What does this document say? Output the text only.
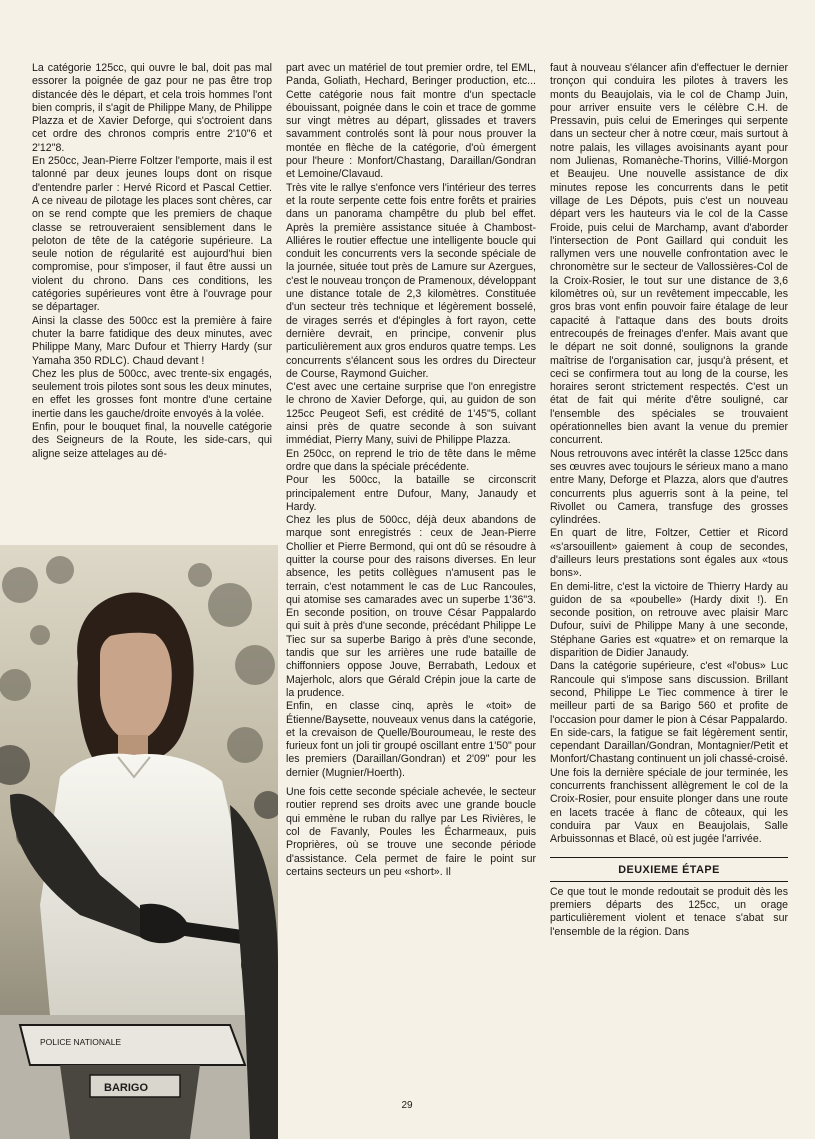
La catégorie 125cc, qui ouvre le bal, doit pas mal essorer la poignée de gaz pour ne pas être trop distancée dès le départ, et cela trois hommes l'ont bien compris, il s'agit de Philippe Many, de Philippe Plazza et de Xavier Deforge, qui s'octroient dans cet ordre des chronos compris entre 2'10"6 et 2'12"8.

En 250cc, Jean-Pierre Foltzer l'emporte, mais il est talonné par deux jeunes loups dont on risque d'entendre parler : Hervé Ricord et Pascal Cettier. A ce niveau de pilotage les places sont chères, car on se rend compte que les premiers de chaque classe se retrouveraient sensiblement dans le peloton de tête de la catégorie supérieure. La seule notion de régularité est aujourd'hui bien compromise, pour s'imposer, il faut être aussi un violent du chrono. Dans ces conditions, les catégories supérieures vont être à l'ouvrage pour se départager.

Ainsi la classe des 500cc est la première à faire chuter la barre fatidique des deux minutes, avec Philippe Many, Marc Dufour et Thierry Hardy (sur Yamaha 350 RDLC). Chaud devant !

Chez les plus de 500cc, avec trente-six engagés, seulement trois pilotes sont sous les deux minutes, en effet les grosses font montre d'une certaine inertie dans les gauche/droite envoyés à la volée.

Enfin, pour le bouquet final, la nouvelle catégorie des Seigneurs de la Route, les side-cars, qui aligne seize attelages au dé-

POLICE NATIONALE
BARIGO

part avec un matériel de tout premier ordre, tel EML, Panda, Goliath, Hechard, Beringer production, etc... Cette catégorie nous fait montre d'un spectacle ébouissant, poignée dans le coin et trace de gomme sur vingt mètres au départ, glissades et travers savamment controlés sont là pour nous prouver la montée en flèche de la catégorie, d'où émergent pour l'heure : Monfort/Chastang, Daraillan/Gondran et Lemoine/Clavaud.

Très vite le rallye s'enfonce vers l'intérieur des terres et la route serpente cette fois entre forêts et prairies dans un panorama champêtre du plub bel effet. Après la première assistance située à Chambost-Alliéres le routier effectue une intelligente boucle qui conduit les concurrents vers la seconde spéciale de la journée, située tout près de Lamure sur Azergues, c'est le nouveau tronçon de Pramenoux, développant une distance totale de 2,3 kilomètres. Constituée d'un secteur très technique et légèrement bosselé, de virages serrés et d'épingles à fort rayon, cette dernière devrait, en principe, convenir plus particulièrement aux gros enduros quatre temps. Les concurrents s'élancent sous les ordres du Directeur de Course, Raymond Guicher.

C'est avec une certaine surprise que l'on enregistre le chrono de Xavier Deforge, qui, au guidon de son 125cc Peugeot Sefi, est crédité de 1'45"5, collant ainsi près de quatre seconde à son suivant immédiat, Pierry Many, suivi de Philippe Plazza.

En 250cc, on reprend le trio de tête dans le même ordre que dans la spéciale précédente.

Pour les 500cc, la bataille se circonscrit principalement entre Dufour, Many, Janaudy et Hardy.

Chez les plus de 500cc, déjà deux abandons de marque sont enregistrés : ceux de Jean-Pierre Chollier et Pierre Bermond, qui ont dû se résoudre à quitter la course pour des raisons diverses. En leur absence, les petits collègues n'amusent pas le terrain, c'est notamment le cas de Luc Rancoules, qui atomise ses camarades avec un superbe 1'36"3. En seconde position, on trouve César Pappalardo qui suit à près d'une seconde, précédant Philippe Le Tiec sur sa superbe Barigo à près d'une seconde, tandis que sur les arrières une rude bataille de chiffonniers oppose Jouve, Berrabath, Ledoux et Majerholc, alors que Gérald Crépin joue la carte de la prudence.

Enfin, en classe cinq, après le «toit» de Étienne/Baysette, nouveaux venus dans la catégorie, et la crevaison de Quelle/Bouroumeau, le reste des furieux font un joli tir groupé oscillant entre 1'50" pour les premiers (Daraillan/Gondran) et 2'09" pour les dernier (Mugnier/Hoerth).

Une fois cette seconde spéciale achevée, le secteur routier reprend ses droits avec une grande boucle qui emmène le ruban du rallye par Les Rivières, le col de Favanly, Poules les Écharmeaux, puis Proprières, où se trouve une seconde période d'assistance. Cela permet de faire le point sur certains secteurs un peu «short». Il

faut à nouveau s'élancer afin d'effectuer le dernier tronçon qui conduira les pilotes à travers les monts du Beaujolais, via le col de Champ Juin, pour arriver ensuite vers le célèbre C.H. de Pressavin, puis celui de Emeringes qui serpente dans un secteur cher à notre cœur, mais surtout à notre palais, les villages avoisinants ayant pour nom Julienas, Romanèche-Thorins, Villié-Morgon et Beaujeu. Une nouvelle assistance de dix minutes repose les concurrents dans le petit village de Les Dépots, puis c'est un nouveau départ vers les hauteurs via le col de la Casse Froide, puis celui de Marchamp, avant d'aborder l'intersection de Pont Gaillard qui conduit les rallymen vers une nouvelle confrontation avec le chronomètre sur le secteur de Vallossières-Col de la Croix-Rosier, le tout sur une distance de 3,6 kilomètres où, sur un revêtement impeccable, les gros bras vont enfin pouvoir faire étalage de leur capacité à l'attaque dans des bouts droits entrecoupés de freinages d'enfer. Mais avant que le départ ne soit donné, soulignons la grande maîtrise de l'organisation car, jusqu'à présent, et ceci se confirmera tout au long de la course, les horaires seront strictement respectés. C'est un état de fait qui mérite d'être souligné, car l'ensemble des spéciales se trouvaient opérationnelles bien avant la venue du premier concurrent.

Nous retrouvons avec intérêt la classe 125cc dans ses œuvres avec toujours le sérieux mano a mano entre Many, Deforge et Plazza, alors que d'autres concurrents plus aguerris sont à la peine, tel Rivollet ou Camera, transfuge des grosses cylindrées.

En quart de litre, Foltzer, Cettier et Ricord «s'arsouillent» gaiement à coup de secondes, d'ailleurs leurs prestations sont égales aux «tous bons».

En demi-litre, c'est la victoire de Thierry Hardy au guidon de sa «poubelle» (Hardy dixit !). En seconde position, on retrouve avec plaisir Marc Dufour, suivi de Philippe Many à une seconde, Stéphane Garies est «quatre» et on remarque la disparition de Didier Janaudy.

Dans la catégorie supérieure, c'est «l'obus» Luc Rancoule qui s'impose sans discussion. Brillant second, Philippe Le Tiec commence à tirer le meilleur parti de sa Barigo 560 et profite de l'occasion pour damer le pion à César Pappalardo.

En side-cars, la fatigue se fait légèrement sentir, cependant Daraillan/Gondran, Montagnier/Petit et Monfort/Chastang continuent un joli chassé-croisé.

Une fois la dernière spéciale de jour terminée, les concurrents franchissent allègrement le col de la Croix-Rosier, pour ensuite plonger dans une route en lacets tracée à flanc de côteaux, qui les conduira par Vaux en Beaujolais, Salle Arbuissonnas et Blacé, où est jugée l'arrivée.

DEUXIEME ÉTAPE

Ce que tout le monde redoutait se produit dès les premiers départs des 125cc, un orage particulièrement violent et tenace s'abat sur l'ensemble de la région. Dans

29
